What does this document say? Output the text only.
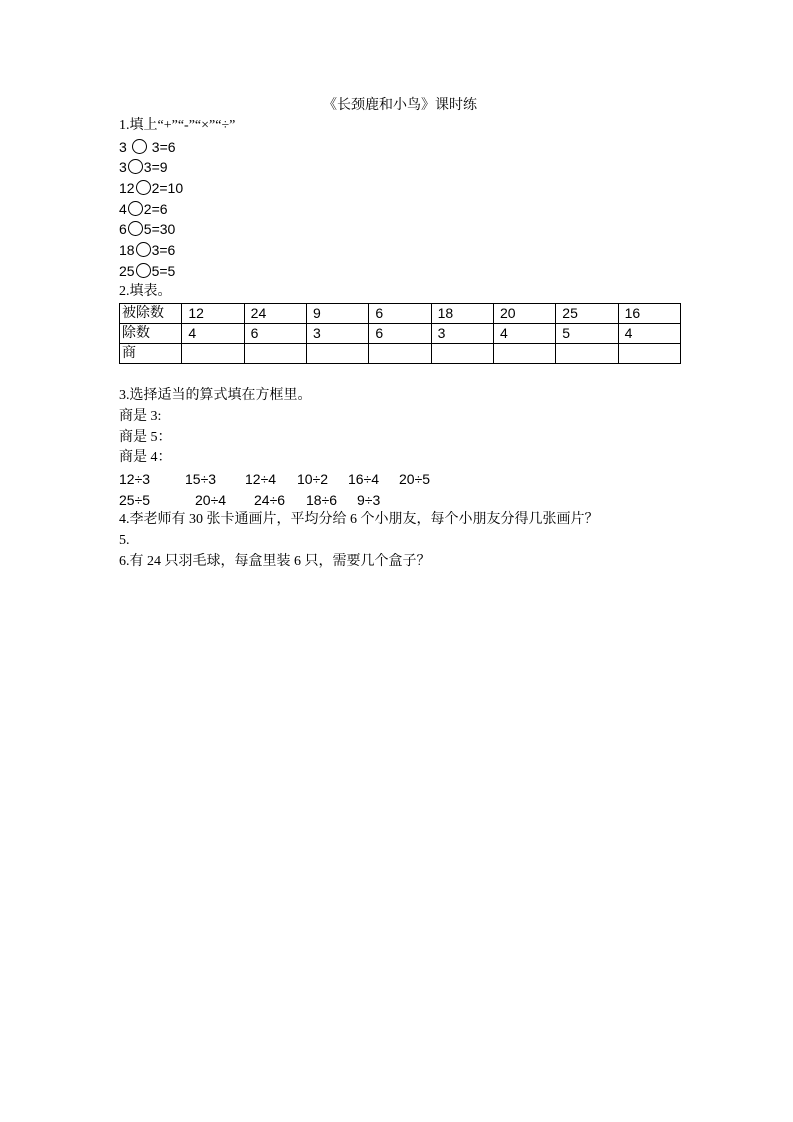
《长颈鹿和小鸟》课时练
1.填上“+”“-”“×”“÷”
3 3=6
3 3=9
12 2=10
4 2=6
6 5=30
18 3=6
25 5=5
2.填表。
被除数	12	24	9	6	18	20	25	16
除数	4	6	3	6	3	4	5	4
商								
3.选择适当的算式填在方框里。
商是 3:
商是 5：
商是 4：
12÷3 15÷3 12÷4 10÷2 16÷4 20÷5
25÷5	20÷4 24÷6 18÷6 9÷3
4.李老师有 30 张卡通画片，平均分给 6 个小朋友，每个小朋友分得几张画片？
5.
6.有 24 只羽毛球，每盒里装 6 只，需要几个盒子？
